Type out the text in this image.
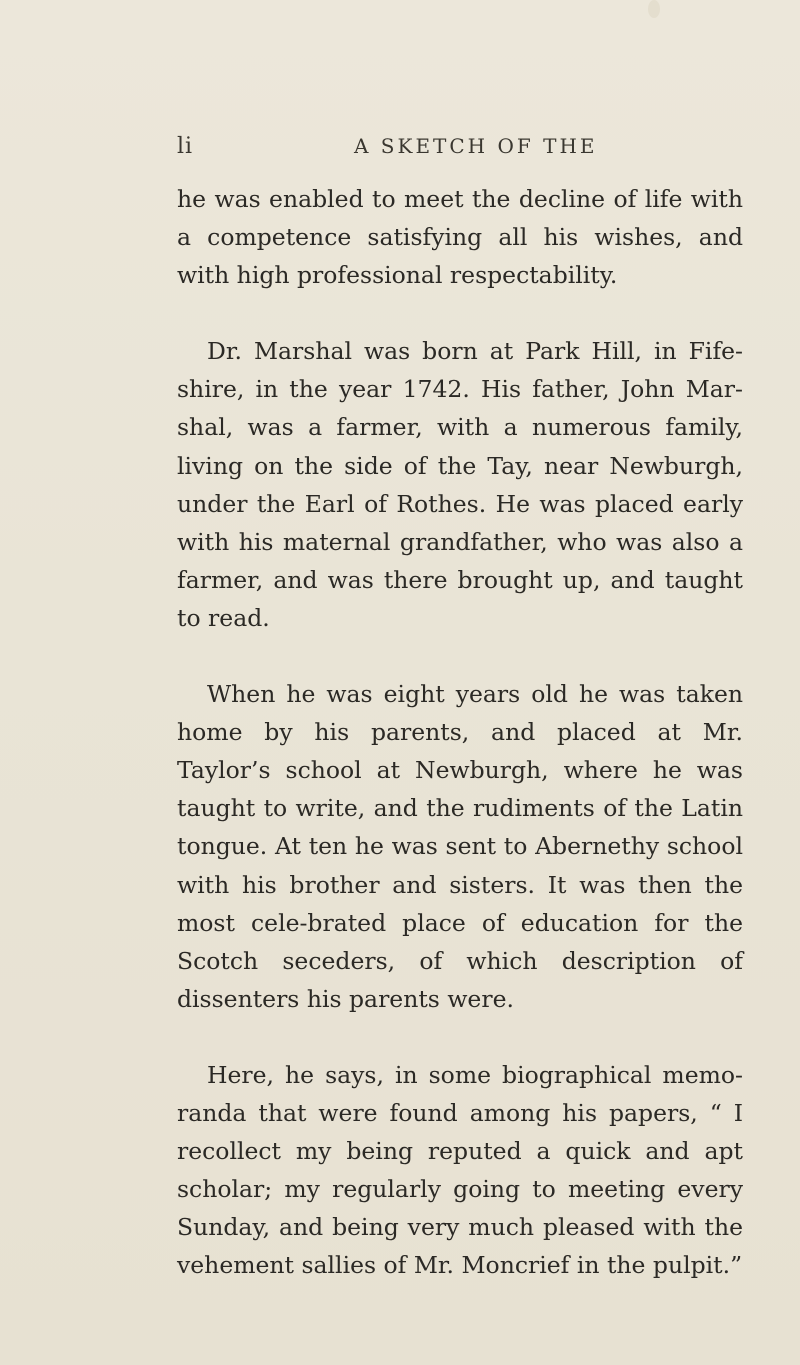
li	A SKETCH OF THE

he was enabled to meet the decline of life with a competence satisfying all his wishes, and with high professional respectability.

Dr. Marshal was born at Park Hill, in Fife-shire, in the year 1742. His father, John Mar-shal, was a farmer, with a numerous family, living on the side of the Tay, near Newburgh, under the Earl of Rothes. He was placed early with his maternal grandfather, who was also a farmer, and was there brought up, and taught to read.

When he was eight years old he was taken home by his parents, and placed at Mr. Taylor’s school at Newburgh, where he was taught to write, and the rudiments of the Latin tongue. At ten he was sent to Abernethy school with his brother and sisters. It was then the most cele-brated place of education for the Scotch seceders, of which description of dissenters his parents were.

Here, he says, in some biographical memo-randa that were found among his papers, “ I recollect my being reputed a quick and apt scholar; my regularly going to meeting every Sunday, and being very much pleased with the vehement sallies of Mr. Moncrief in the pulpit.”
